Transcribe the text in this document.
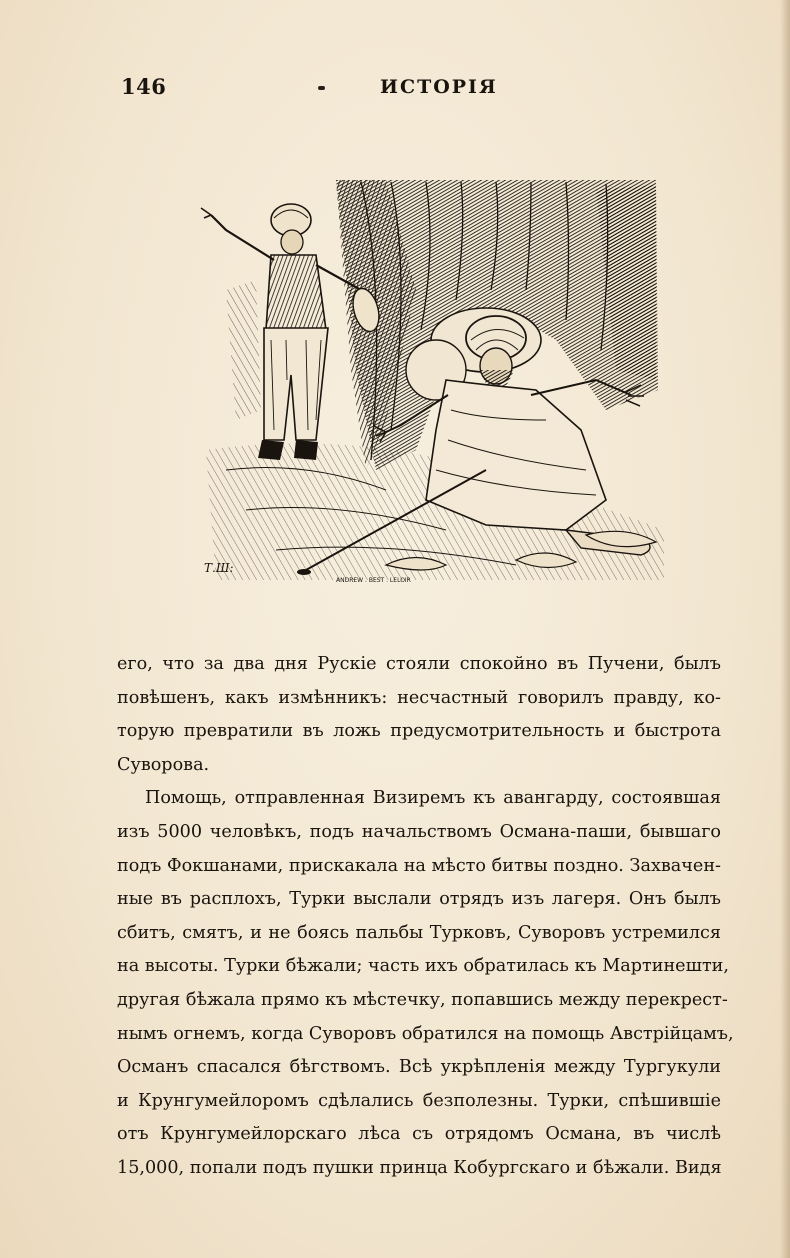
146	ИСТОРІЯ
Т.Ш:
ANDREW . BEST . LELOIR
его, что за два дня Рускіе стояли спокойно въ Пучени, былъ
повѣшенъ, какъ измѣнникъ: несчастный говорилъ правду, ко-
торую превратили въ ложь предусмотрительность и быстрота
Суворова.
Помощь, отправленная Визиремъ къ авангарду, состоявшая
изъ 5000 человѣкъ, подъ начальствомъ Османа-паши, бывшаго
подъ Фокшанами, прискакала на мѣсто битвы поздно. Захвачен-
ные въ расплохъ, Турки выслали отрядъ изъ лагеря. Онъ былъ
сбитъ, смятъ, и не боясь пальбы Турковъ, Суворовъ устремился
на высоты. Турки бѣжали; часть ихъ обратилась къ Мартинешти,
другая бѣжала прямо къ мѣстечку, попавшись между перекрест-
нымъ огнемъ, когда Суворовъ обратился на помощь Австрійцамъ,
Османъ спасался бѣгствомъ. Всѣ укрѣпленія между Тургукули
и Крунгумейлоромъ сдѣлались безполезны. Турки, спѣшившіе
отъ Крунгумейлорскаго лѣса съ отрядомъ Османа, въ числѣ
15,000, попали подъ пушки принца Кобургскаго и бѣжали. Видя
